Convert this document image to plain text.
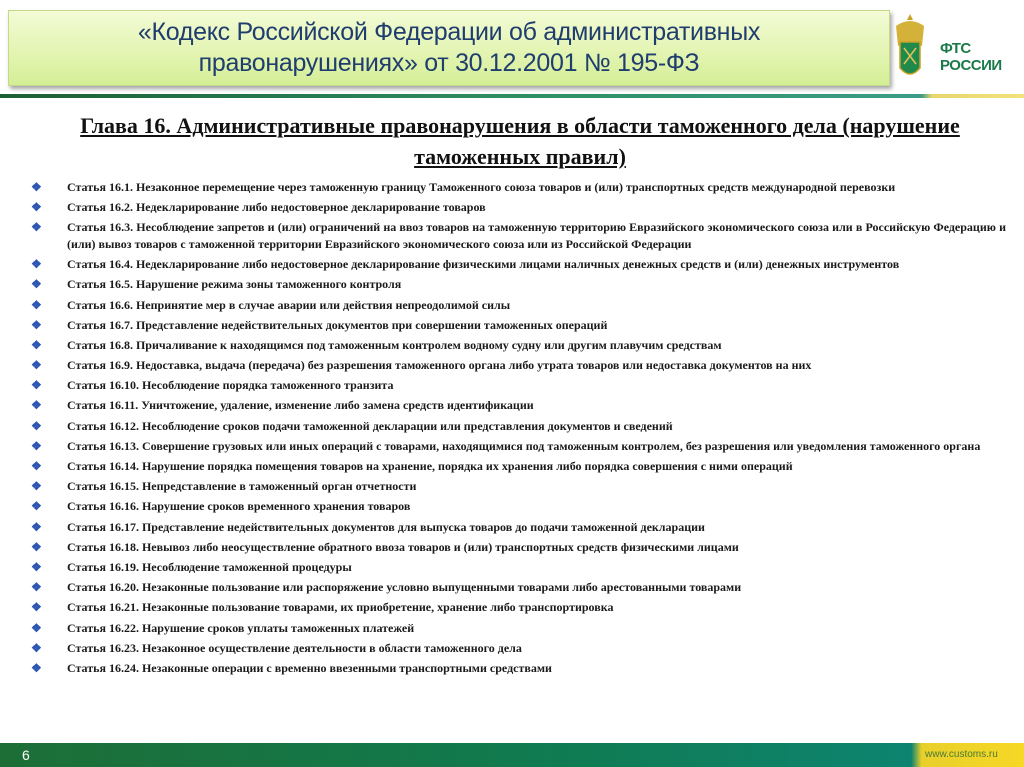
«Кодекс Российской Федерации об административных правонарушениях» от 30.12.2001 № 195-ФЗ
ФТС
РОССИИ
Глава 16. Административные правонарушения в области таможенного дела (нарушение таможенных правил)
❖	Статья 16.1. Незаконное перемещение через таможенную границу Таможенного союза товаров и (или) транспортных средств международной перевозки
❖	Статья 16.2. Недекларирование либо недостоверное декларирование товаров
❖	Статья 16.3. Несоблюдение запретов и (или) ограничений на ввоз товаров на таможенную территорию Евразийского экономического союза или в Российскую Федерацию и (или) вывоз товаров с таможенной территории Евразийского экономического союза или из Российской Федерации
❖	Статья 16.4. Недекларирование либо недостоверное декларирование физическими лицами наличных денежных средств и (или) денежных инструментов
❖	Статья 16.5. Нарушение режима зоны таможенного контроля
❖	Статья 16.6. Непринятие мер в случае аварии или действия непреодолимой силы
❖	Статья 16.7. Представление недействительных документов при совершении таможенных операций
❖	Статья 16.8. Причаливание к находящимся под таможенным контролем водному судну или другим плавучим средствам
❖	Статья 16.9. Недоставка, выдача (передача) без разрешения таможенного органа либо утрата товаров или недоставка документов на них
❖	Статья 16.10. Несоблюдение порядка таможенного транзита
❖	Статья 16.11. Уничтожение, удаление, изменение либо замена средств идентификации
❖	Статья 16.12. Несоблюдение сроков подачи таможенной декларации или представления документов и сведений
❖	Статья 16.13. Совершение грузовых или иных операций с товарами, находящимися под таможенным контролем, без разрешения или уведомления таможенного органа
❖	Статья 16.14. Нарушение порядка помещения товаров на хранение, порядка их хранения либо порядка совершения с ними операций
❖	Статья 16.15. Непредставление в таможенный орган отчетности
❖	Статья 16.16. Нарушение сроков временного хранения товаров
❖	Статья 16.17. Представление недействительных документов для выпуска товаров до подачи таможенной декларации
❖	Статья 16.18. Невывоз либо неосуществление обратного ввоза товаров и (или) транспортных средств физическими лицами
❖	Статья 16.19. Несоблюдение таможенной процедуры
❖	Статья 16.20. Незаконные пользование или распоряжение условно выпущенными товарами либо арестованными товарами
❖	Статья 16.21. Незаконные пользование товарами, их приобретение, хранение либо транспортировка
❖	Статья 16.22. Нарушение сроков уплаты таможенных платежей
❖	Статья 16.23. Незаконное осуществление деятельности в области таможенного дела
❖	Статья 16.24. Незаконные операции с временно ввезенными транспортными средствами
6	www.customs.ru
